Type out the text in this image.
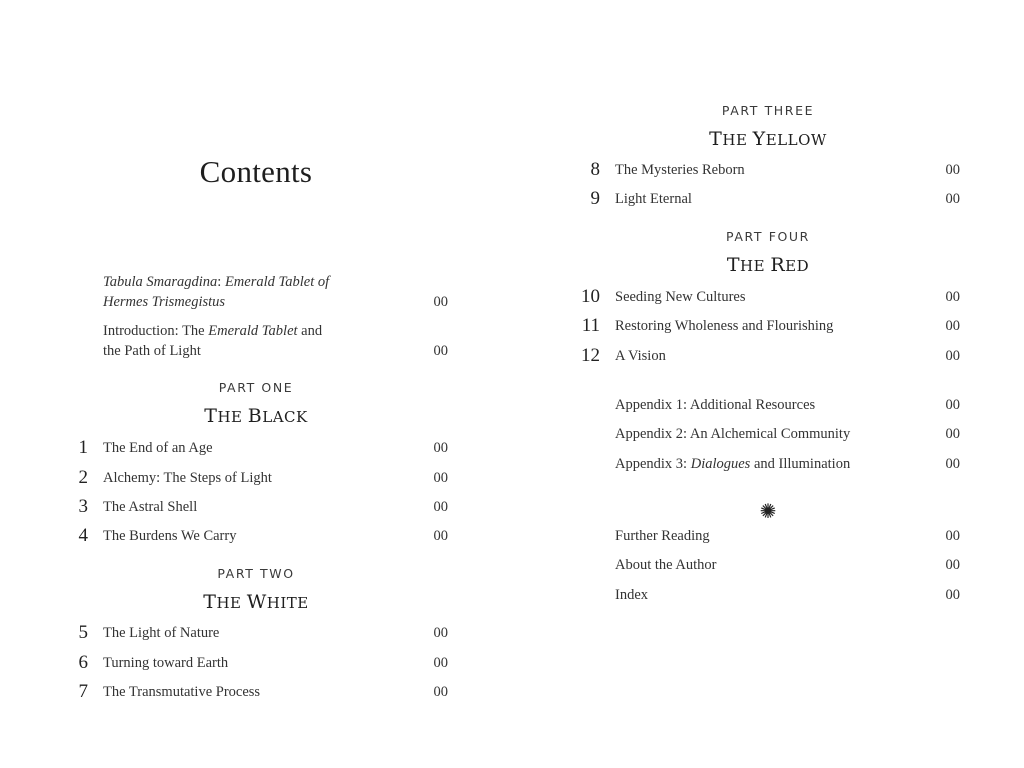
Contents
Tabula Smaragdina: Emerald Tablet of
Hermes Trismegistus	00
Introduction: The Emerald Tablet and
the Path of Light	00
PART ONE
THE BLACK
1 The End of an Age	00
2 Alchemy: The Steps of Light	00
3 The Astral Shell	00
4 The Burdens We Carry	00
PART TWO
THE WHITE
5 The Light of Nature	00
6 Turning toward Earth	00
7 The Transmutative Process	00
PART THREE
THE YELLOW
8 The Mysteries Reborn	00
9 Light Eternal	00
PART FOUR
THE RED
10 Seeding New Cultures	00
11 Restoring Wholeness and Flourishing	00
12 A Vision	00
Appendix 1: Additional Resources	00
Appendix 2: An Alchemical Community	00
Appendix 3: Dialogues and Illumination	00
✺
Further Reading	00
About the Author	00
Index	00
